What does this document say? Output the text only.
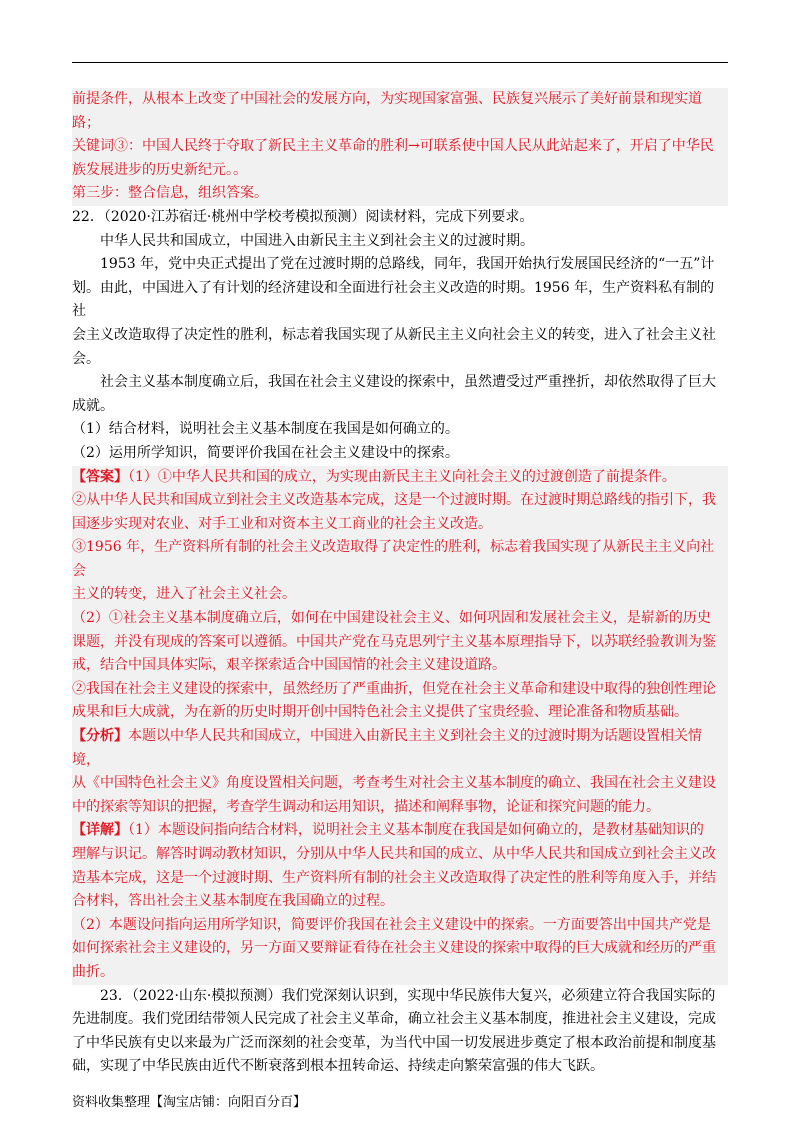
前提条件，从根本上改变了中国社会的发展方向，为实现国家富强、民族复兴展示了美好前景和现实道路；

关键词③：中国人民终于夺取了新民主主义革命的胜利→可联系使中国人民从此站起来了，开启了中华民

族发展进步的历史新纪元。。

第三步：整合信息，组织答案。

22．（2020·江苏宿迁·桃州中学校考模拟预测）阅读材料，完成下列要求。

中华人民共和国成立，中国进入由新民主主义到社会主义的过渡时期。

1953 年，党中央正式提出了党在过渡时期的总路线，同年，我国开始执行发展国民经济的“一五”计

划。由此，中国进入了有计划的经济建设和全面进行社会主义改造的时期。1956 年，生产资料私有制的社

会主义改造取得了决定性的胜利，标志着我国实现了从新民主主义向社会主义的转变，进入了社会主义社

会。

社会主义基本制度确立后，我国在社会主义建设的探索中，虽然遭受过严重挫折，却依然取得了巨大

成就。

（1）结合材料，说明社会主义基本制度在我国是如何确立的。

（2）运用所学知识，简要评价我国在社会主义建设中的探索。

【答案】（1）①中华人民共和国的成立，为实现由新民主主义向社会主义的过渡创造了前提条件。

②从中华人民共和国成立到社会主义改造基本完成，这是一个过渡时期。在过渡时期总路线的指引下，我

国逐步实现对农业、对手工业和对资本主义工商业的社会主义改造。

③1956 年，生产资料所有制的社会主义改造取得了决定性的胜利，标志着我国实现了从新民主主义向社会

主义的转变，进入了社会主义社会。

（2）①社会主义基本制度确立后，如何在中国建设社会主义、如何巩固和发展社会主义，是崭新的历史

课题，并没有现成的答案可以遵循。中国共产党在马克思列宁主义基本原理指导下，以苏联经验教训为鉴

戒，结合中国具体实际，艰辛探索适合中国国情的社会主义建设道路。

②我国在社会主义建设的探索中，虽然经历了严重曲折，但党在社会主义革命和建设中取得的独创性理论

成果和巨大成就，为在新的历史时期开创中国特色社会主义提供了宝贵经验、理论准备和物质基础。

【分析】本题以中华人民共和国成立，中国进入由新民主主义到社会主义的过渡时期为话题设置相关情境，

从《中国特色社会主义》角度设置相关问题，考查考生对社会主义基本制度的确立、我国在社会主义建设

中的探索等知识的把握，考查学生调动和运用知识，描述和阐释事物，论证和探究问题的能力。

【详解】（1）本题设问指向结合材料，说明社会主义基本制度在我国是如何确立的，是教材基础知识的

理解与识记。解答时调动教材知识，分别从中华人民共和国的成立、从中华人民共和国成立到社会主义改

造基本完成，这是一个过渡时期、生产资料所有制的社会主义改造取得了决定性的胜利等角度入手，并结

合材料，答出社会主义基本制度在我国确立的过程。

（2）本题设问指向运用所学知识，简要评价我国在社会主义建设中的探索。一方面要答出中国共产党是

如何探索社会主义建设的，另一方面又要辩证看待在社会主义建设的探索中取得的巨大成就和经历的严重

曲折。

23．（2022·山东·模拟预测）我们党深刻认识到，实现中华民族伟大复兴，必须建立符合我国实际的

先进制度。我们党团结带领人民完成了社会主义革命，确立社会主义基本制度，推进社会主义建设，完成

了中华民族有史以来最为广泛而深刻的社会变革，为当代中国一切发展进步奠定了根本政治前提和制度基

础，实现了中华民族由近代不断衰落到根本扭转命运、持续走向繁荣富强的伟大飞跃。

资料收集整理【淘宝店铺：向阳百分百】
